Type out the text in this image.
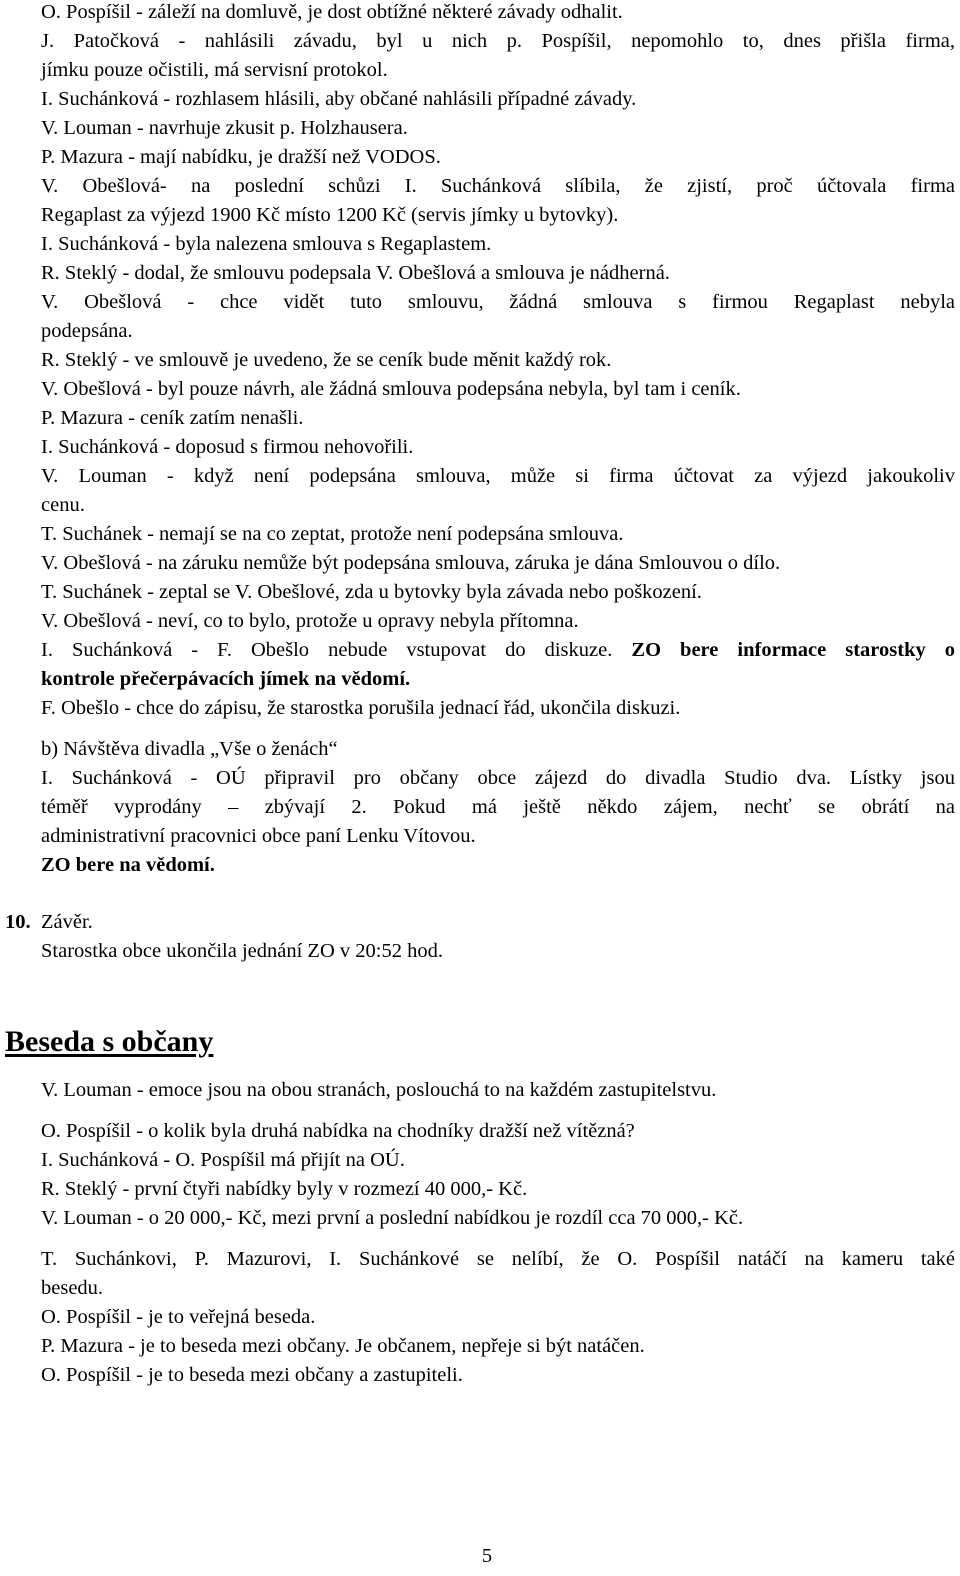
O. Pospíšil - záleží na domluvě, je dost obtížné některé závady odhalit.
J. Patočková - nahlásili závadu, byl u nich p. Pospíšil, nepomohlo to, dnes přišla firma,
jímku pouze očistili, má servisní protokol.
I. Suchánková - rozhlasem hlásili, aby občané nahlásili případné závady.
V. Louman - navrhuje zkusit p. Holzhausera.
P. Mazura - mají nabídku, je dražší než VODOS.
V. Obešlová- na poslední schůzi I. Suchánková slíbila, že zjistí, proč účtovala firma
Regaplast za výjezd 1900 Kč místo 1200 Kč (servis jímky u bytovky).
I. Suchánková - byla nalezena smlouva s Regaplastem.
R. Steklý - dodal, že smlouvu podepsala V. Obešlová a smlouva je nádherná.
V. Obešlová - chce vidět tuto smlouvu, žádná smlouva s firmou Regaplast nebyla
podepsána.
R. Steklý - ve smlouvě je uvedeno, že se ceník bude měnit každý rok.
V. Obešlová - byl pouze návrh, ale žádná smlouva podepsána nebyla, byl tam i ceník.
P. Mazura - ceník zatím nenašli.
I. Suchánková - doposud s firmou nehovořili.
V. Louman - když není podepsána smlouva, může si firma účtovat za výjezd jakoukoliv
cenu.
T. Suchánek - nemají se na co zeptat, protože není podepsána smlouva.
V. Obešlová - na záruku nemůže být podepsána smlouva, záruka je dána Smlouvou o dílo.
T. Suchánek - zeptal se V. Obešlové, zda u bytovky byla závada nebo poškození.
V. Obešlová - neví, co to bylo, protože u opravy nebyla přítomna.
I. Suchánková - F. Obešlo nebude vstupovat do diskuze. ZO bere informace starostky o
kontrole přečerpávacích jímek na vědomí.
F. Obešlo - chce do zápisu, že starostka porušila jednací řád, ukončila diskuzi.
b) Návštěva divadla „Vše o ženách“
I. Suchánková - OÚ připravil pro občany obce zájezd do divadla Studio dva. Lístky jsou
téměř vyprodány – zbývají 2. Pokud má ještě někdo zájem, nechť se obrátí na
administrativní pracovnici obce paní Lenku Vítovou.
ZO bere na vědomí.
10. Závěr.
Starostka obce ukončila jednání ZO v 20:52 hod.
Beseda s občany
V. Louman - emoce jsou na obou stranách, poslouchá to na každém zastupitelstvu.
O. Pospíšil - o kolik byla druhá nabídka na chodníky dražší než vítězná?
I. Suchánková - O. Pospíšil má přijít na OÚ.
R. Steklý - první čtyři nabídky byly v rozmezí 40 000,- Kč.
V. Louman - o 20 000,- Kč, mezi první a poslední nabídkou je rozdíl cca 70 000,- Kč.
T. Suchánkovi, P. Mazurovi, I. Suchánkové se nelíbí, že O. Pospíšil natáčí na kameru také
besedu.
O. Pospíšil - je to veřejná beseda.
P. Mazura - je to beseda mezi občany. Je občanem, nepřeje si být natáčen.
O. Pospíšil - je to beseda mezi občany a zastupiteli.
5
